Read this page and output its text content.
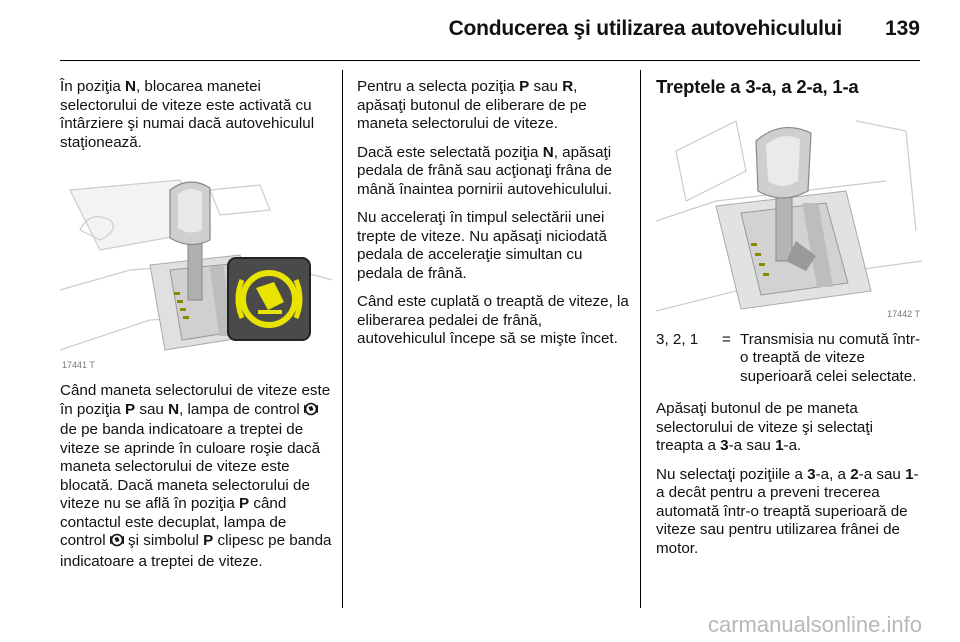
Conducerea şi utilizarea autovehiculului 139

În poziţia N, blocarea manetei selectorului de viteze este activată cu întârziere şi numai dacă autovehiculul staţionează.

17441 T

Când maneta selectorului de viteze este în poziţia P sau N, lampa de control  de pe banda indicatoare a treptei de viteze se aprinde în culoare roşie dacă maneta selectorului de viteze este blocată. Dacă maneta selectorului de viteze nu se află în poziţia P când contactul este decuplat, lampa de control  şi simbolul P clipesc pe banda indicatoare a treptei de viteze.

Pentru a selecta poziţia P sau R, apăsaţi butonul de eliberare de pe maneta selectorului de viteze.

Dacă este selectată poziţia N, apăsaţi pedala de frână sau acţionaţi frâna de mână înaintea pornirii autovehiculului.

Nu acceleraţi în timpul selectării unei trepte de viteze. Nu apăsaţi niciodată pedala de acceleraţie simultan cu pedala de frână.

Când este cuplată o treaptă de viteze, la eliberarea pedalei de frână, autovehiculul începe să se mişte încet.

Treptele a 3-a, a 2-a, 1-a
17442 T
3, 2, 1	= Transmisia nu comută într-o treaptă de viteze superioară celei selectate.

Apăsaţi butonul de pe maneta selectorului de viteze şi selectaţi treapta a 3-a sau 1-a.

Nu selectaţi poziţiile a 3-a, a 2-a sau 1-a decât pentru a preveni trecerea automată într-o treaptă superioară de viteze sau pentru utilizarea frânei de motor.

carmanualsonline.info
